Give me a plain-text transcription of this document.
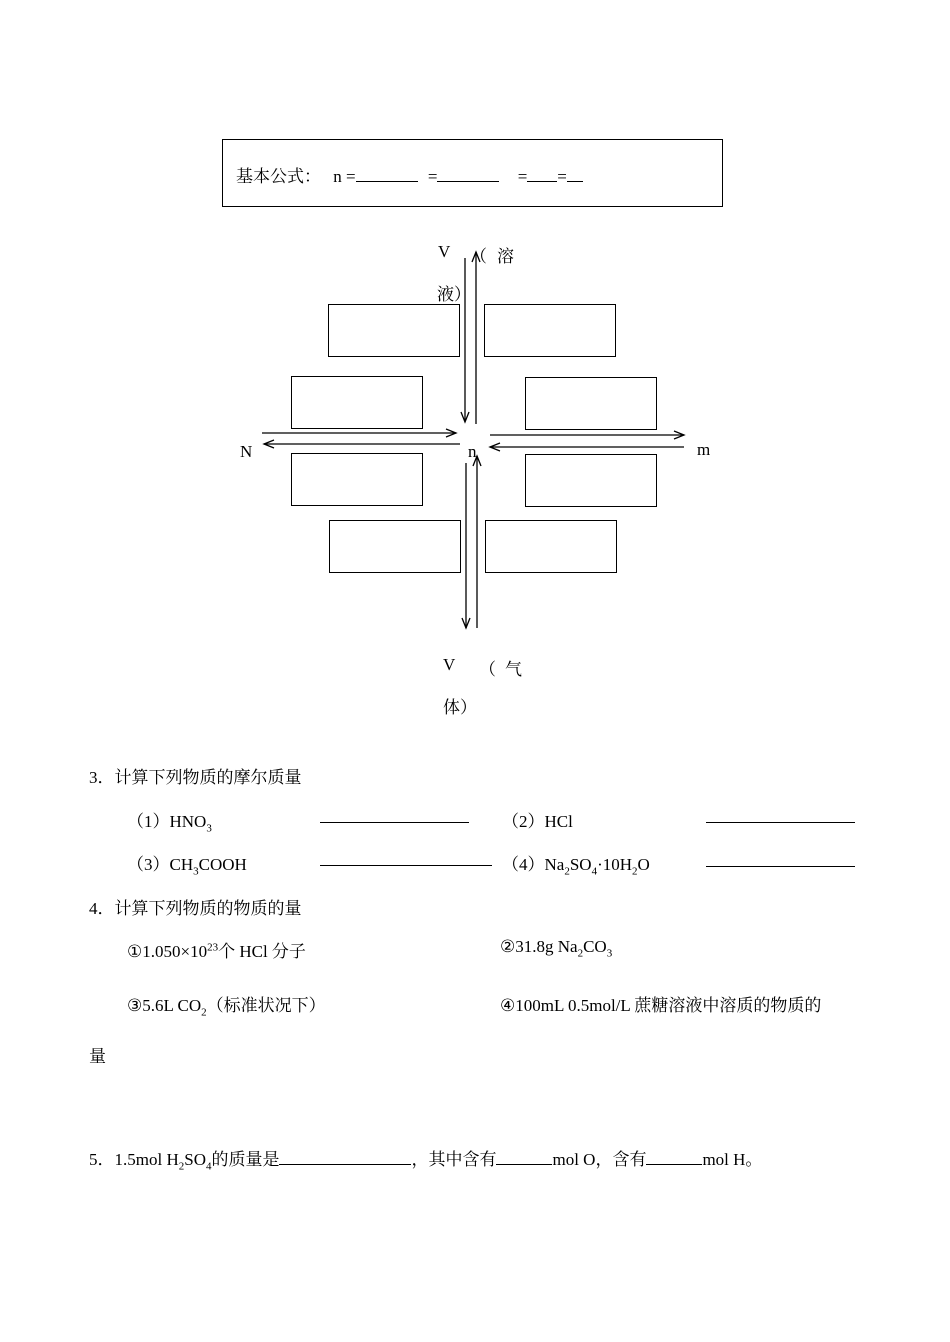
基本公式： n =	=	= =
V （ 溶
液）
N	n	m
V （ 气
体）
3．计算下列物质的摩尔质量
$(1)HNO_3$	（2）HCl
$(3)CH_3COOH$	$(4)Na_2SO_4\cdot 10H_2O$
4．计算下列物质的物质的量
$①1.050\times 10^{23}$个 HCl 分子	②31.8g $Na_2CO_3$
③5.6L $CO_2$（标准状况下）	④100mL 0.5mol/L 蔗糖溶液中溶质的物质的
量
5．1.5mol $H_2SO_4$的质量是	，其中含有	mol O，含有	mol H。
